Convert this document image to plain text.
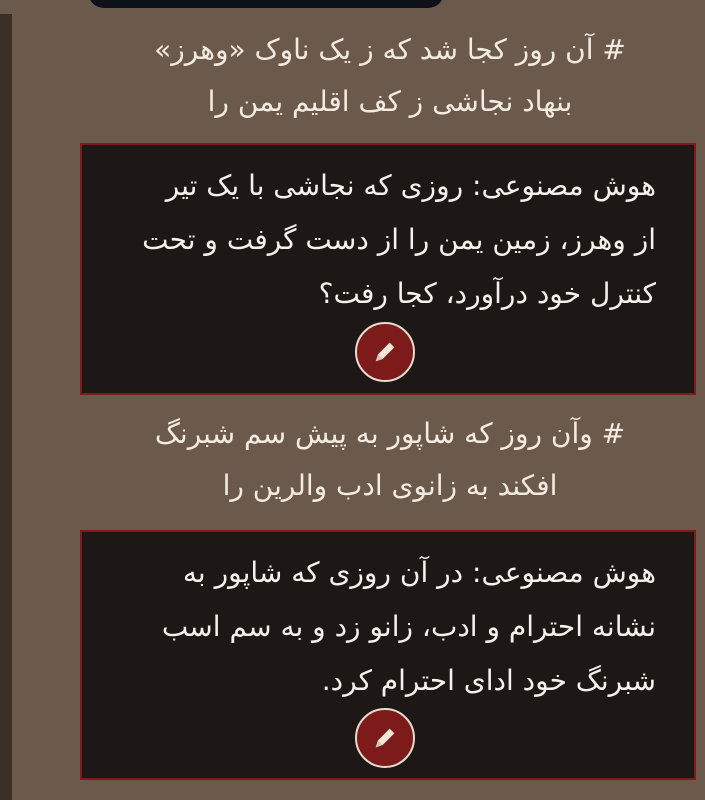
# آن روز کجا شد که ز یک ناوک «وهرز»
بنهاد نجاشی ز کف اقلیم یمن را
هوش مصنوعی: روزی که نجاشی با یک تیر
از وهرز، زمین یمن را از دست گرفت و تحت
کنترل خود درآورد، کجا رفت؟
# وآن روز که شاپور به پیش سم شبرنگ
افکند به زانوی ادب والرین را
هوش مصنوعی: در آن روزی که شاپور به
نشانه احترام و ادب، زانو زد و به سم اسب
شبرنگ خود ادای احترام کرد.
